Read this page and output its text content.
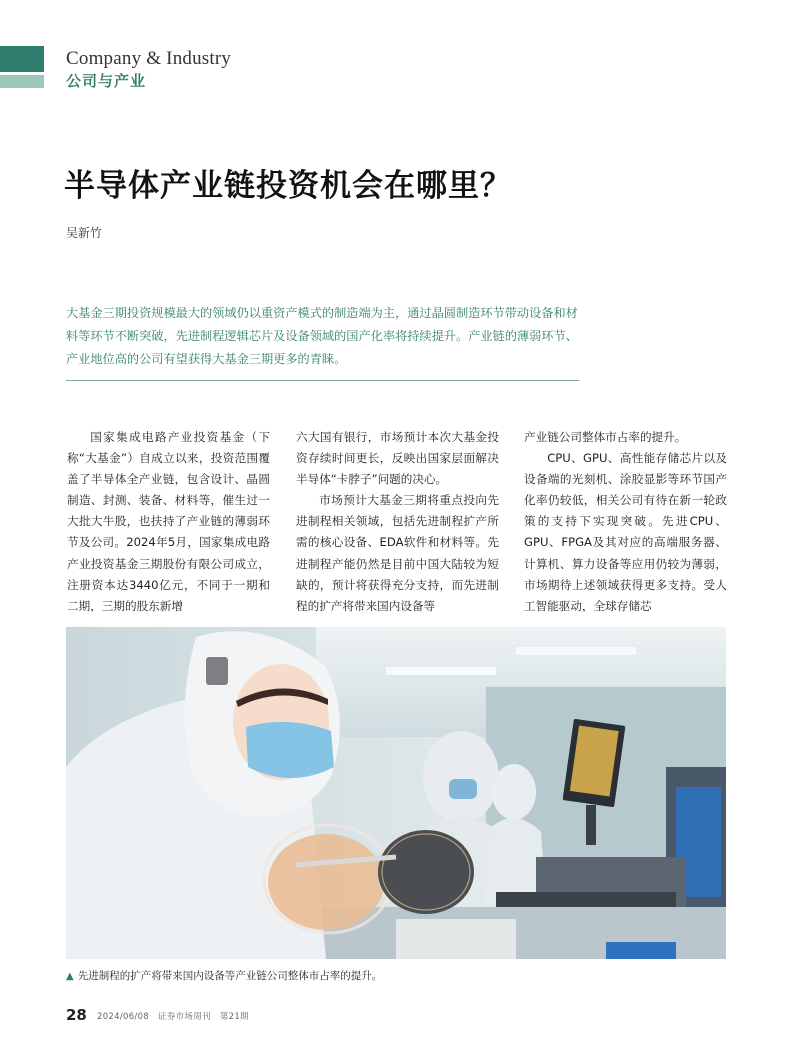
Company & Industry
公司与产业
半导体产业链投资机会在哪里？
吴新竹

大基金三期投资规模最大的领域仍以重资产模式的制造端为主，通过晶圆制造环节带动设备和材料等环节不断突破，先进制程逻辑芯片及设备领域的国产化率将持续提升。产业链的薄弱环节、产业地位高的公司有望获得大基金三期更多的青睐。

国家集成电路产业投资基金（下称“大基金”）自成立以来，投资范围覆盖了半导体全产业链，包含设计、晶圆制造、封测、装备、材料等，催生过一大批大牛股，也扶持了产业链的薄弱环节及公司。2024年5月，国家集成电路产业投资基金三期股份有限公司成立，注册资本达3440亿元，不同于一期和二期，三期的股东新增

六大国有银行，市场预计本次大基金投资存续时间更长，反映出国家层面解决半导体“卡脖子”问题的决心。

市场预计大基金三期将重点投向先进制程相关领域，包括先进制程扩产所需的核心设备、EDA软件和材料等。先进制程产能仍然是目前中国大陆较为短缺的，预计将获得充分支持，而先进制程的扩产将带来国内设备等

产业链公司整体市占率的提升。

CPU、GPU、高性能存储芯片以及设备端的光刻机、涂胶显影等环节国产化率仍较低，相关公司有待在新一轮政策的支持下实现突破。先进CPU、GPU、FPGA及其对应的高端服务器、计算机、算力设备等应用仍较为薄弱，市场期待上述领域获得更多支持。受人工智能驱动，全球存储芯

▲ 先进制程的扩产将带来国内设备等产业链公司整体市占率的提升。
28 2024/06/08 证券市场周刊 第21期
